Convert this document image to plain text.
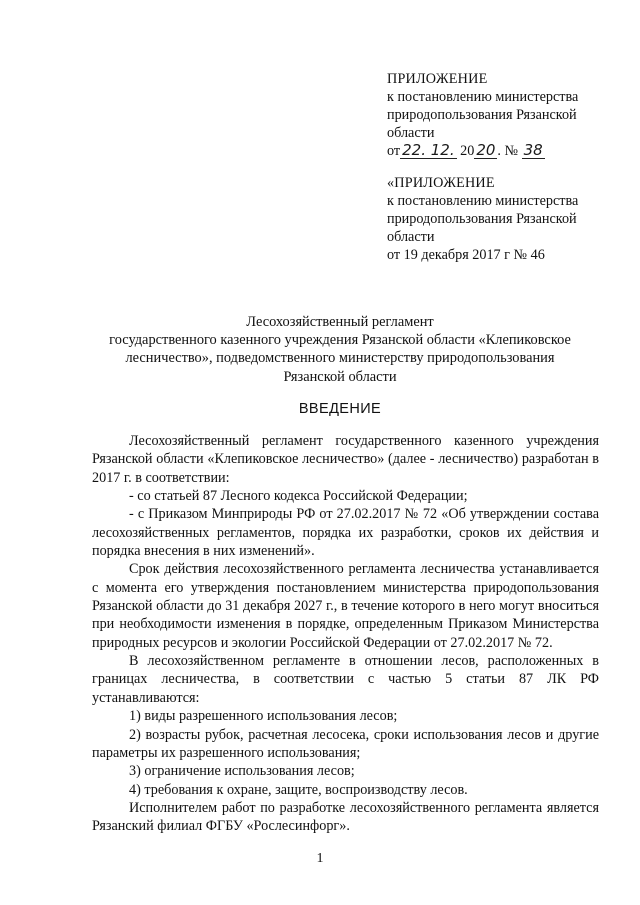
ПРИЛОЖЕНИЕ
к постановлению министерства
природопользования Рязанской
области
от 22. 12. 20 20 . № 38
«ПРИЛОЖЕНИЕ
к постановлению министерства
природопользования Рязанской
области
от 19 декабря 2017 г № 46
Лесохозяйственный регламент
государственного казенного учреждения Рязанской области «Клепиковское
лесничество», подведомственного министерству природопользования
Рязанской области
ВВЕДЕНИЕ

Лесохозяйственный регламент государственного казенного учреждения Рязанской области «Клепиковское лесничество» (далее - лесничество) разработан в 2017 г. в соответствии:

- со статьей 87 Лесного кодекса Российской Федерации;

- с Приказом Минприроды РФ от 27.02.2017 № 72 «Об утверждении состава лесохозяйственных регламентов, порядка их разработки, сроков их действия и порядка внесения в них изменений».

Срок действия лесохозяйственного регламента лесничества устанавливается с момента его утверждения постановлением министерства природопользования Рязанской области до 31 декабря 2027 г., в течение которого в него могут вноситься при необходимости изменения в порядке, определенным Приказом Министерства природных ресурсов и экологии Российской Федерации от 27.02.2017 № 72.

В лесохозяйственном регламенте в отношении лесов, расположенных в границах лесничества, в соответствии с частью 5 статьи 87 ЛК РФ устанавливаются:

1) виды разрешенного использования лесов;

2) возрасты рубок, расчетная лесосека, сроки использования лесов и другие параметры их разрешенного использования;

3) ограничение использования лесов;

4) требования к охране, защите, воспроизводству лесов.

Исполнителем работ по разработке лесохозяйственного регламента является Рязанский филиал ФГБУ «Рослесинфорг».

1
